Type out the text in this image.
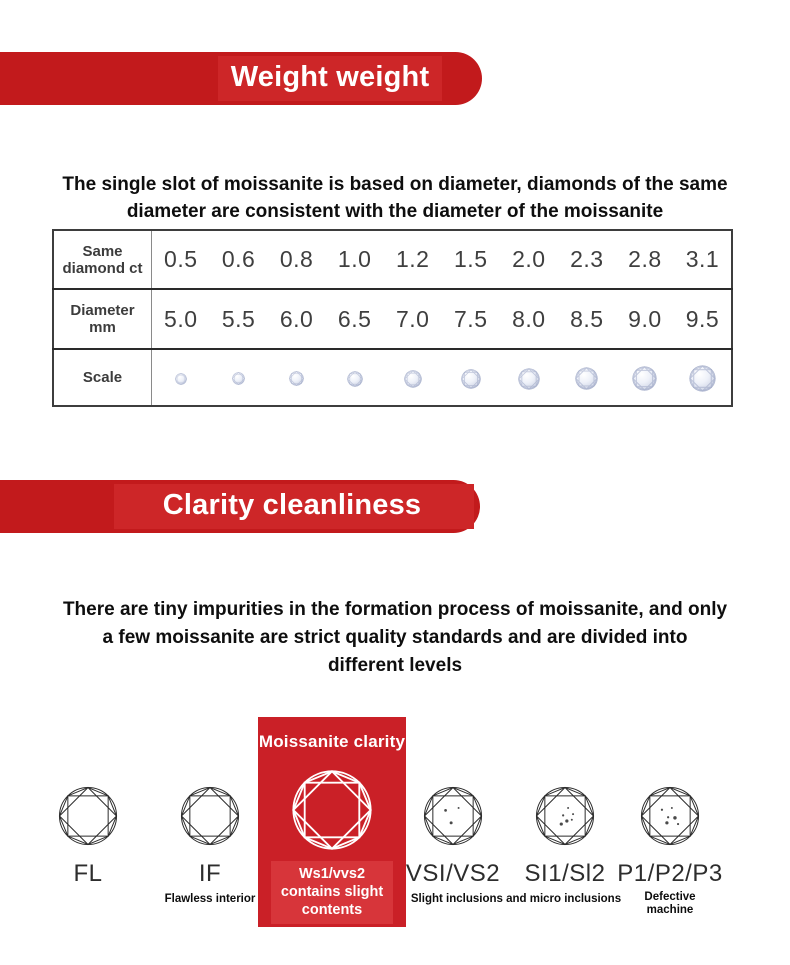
Weight weight

The single slot of moissanite is based on diameter, diamonds of the same
diameter are consistent with the diameter of the moissanite

Same diamond ct	0.5	0.6	0.8	1.0	1.2	1.5	2.0	2.3	2.8	3.1
Diameter mm	5.0	5.5	6.0	6.5	7.0	7.5	8.0	8.5	9.0	9.5
Scale										
Clarity cleanliness

There are tiny impurities in the formation process of moissanite, and only
a few moissanite are strict quality standards and are divided into
different levels

FL	IF
Flawless interior
Moissanite clarity
Ws1/vvs2 contains slight contents
VSI/VS2
Slight inclusions and micro inclusions
SI1/Sl2 P1/P2/P3
Defective machine
